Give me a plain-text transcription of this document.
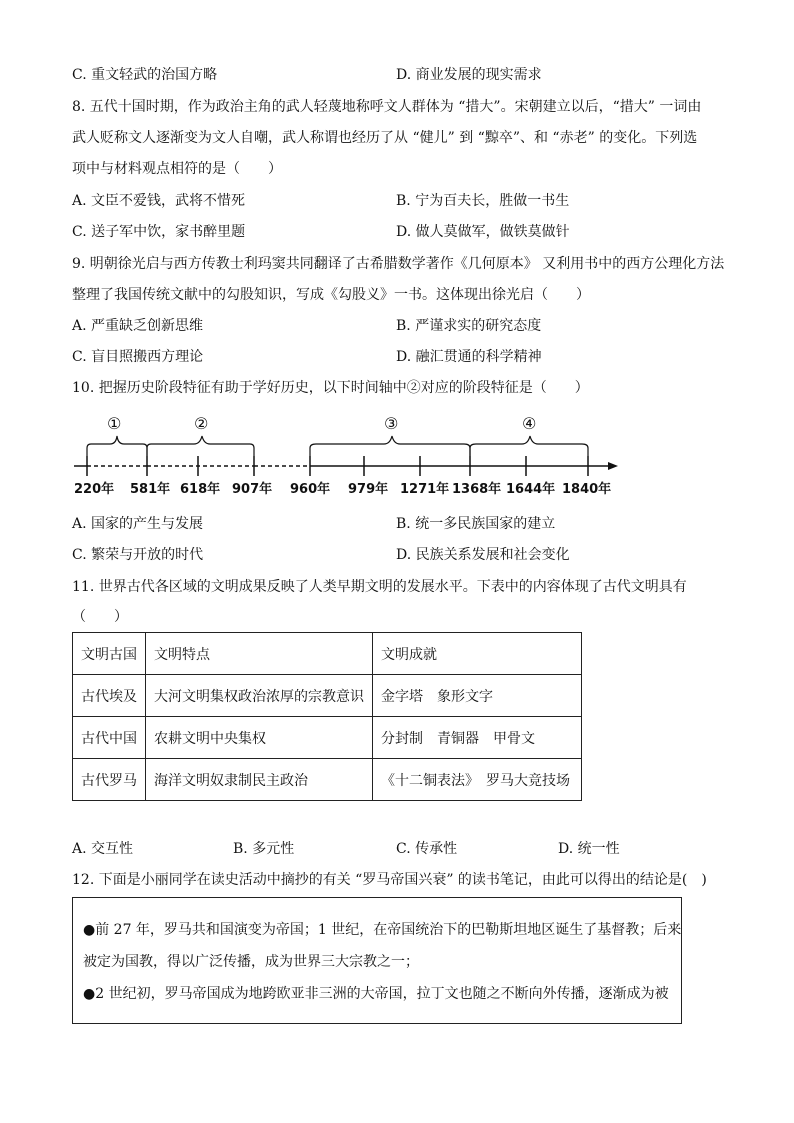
C. 重文轻武的治国方略	D. 商业发展的现实需求
8. 五代十国时期，作为政治主角的武人轻蔑地称呼文人群体为 “措大”。宋朝建立以后，“措大” 一词由
武人贬称文人逐渐变为文人自嘲，武人称谓也经历了从 “健儿” 到 “黥卒”、和 “赤老” 的变化。下列选
项中与材料观点相符的是（　　）
A. 文臣不爱钱，武将不惜死	B. 宁为百夫长，胜做一书生
C. 送子军中饮，家书醉里题	D. 做人莫做军，做铁莫做针
9. 明朝徐光启与西方传教士利玛窦共同翻译了古希腊数学著作《几何原本》 又利用书中的西方公理化方法
整理了我国传统文献中的勾股知识，写成《勾股义》一书。这体现出徐光启（　　）
A. 严重缺乏创新思维	B. 严谨求实的研究态度
C. 盲目照搬西方理论	D. 融汇贯通的科学精神
10. 把握历史阶段特征有助于学好历史，以下时间轴中②对应的阶段特征是（　　）
①	②	③	④
220年 581年 618年 907年 960年 979年 1271年 1368年 1644年 1840年
A. 国家的产生与发展	B. 统一多民族国家的建立
C. 繁荣与开放的时代	D. 民族关系发展和社会变化
11. 世界古代各区域的文明成果反映了人类早期文明的发展水平。下表中的内容体现了古代文明具有
（　　）
文明古国	文明特点	文明成就
古代埃及	大河文明集权政治浓厚的宗教意识	金字塔　象形文字
古代中国	农耕文明中央集权	分封制　青铜器　甲骨文
古代罗马	海洋文明奴隶制民主政治	《十二铜表法》　罗马大竞技场
A. 交互性	B. 多元性	C. 传承性	D. 统一性
12. 下面是小丽同学在读史活动中摘抄的有关 “罗马帝国兴衰” 的读书笔记，由此可以得出的结论是(　)
●前 27 年，罗马共和国演变为帝国；1 世纪，在帝国统治下的巴勒斯坦地区诞生了基督教；后来
被定为国教，得以广泛传播，成为世界三大宗教之一；
●2 世纪初，罗马帝国成为地跨欧亚非三洲的大帝国，拉丁文也随之不断向外传播，逐渐成为被
